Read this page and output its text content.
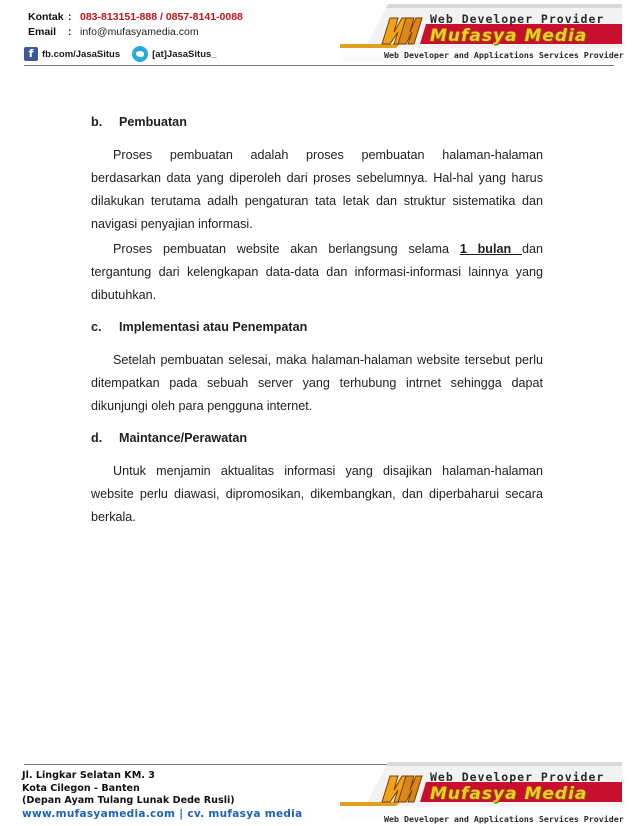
Kontak : 083-813151-888 / 0857-8141-0088
Email	: info@mufasyamedia.com
f fb.com/JasaSitus	[at]JasaSitus_
Web Developer Provider
Mufasya Media
Web Developer and Applications Services Provider
b.	Pembuatan

Proses pembuatan adalah proses pembuatan halaman-halaman berdasarkan data yang diperoleh dari proses sebelumnya. Hal-hal yang harus dilakukan terutama adalh pengaturan tata letak dan struktur sistematika dan navigasi penyajian informasi.

Proses pembuatan website akan berlangsung selama 1 bulan dan tergantung dari kelengkapan data-data dan informasi-informasi lainnya yang dibutuhkan.

c.	Implementasi atau Penempatan

Setelah pembuatan selesai, maka halaman-halaman website tersebut perlu ditempatkan pada sebuah server yang terhubung intrnet sehingga dapat dikunjungi oleh para pengguna internet.

d.	Maintance/Perawatan

Untuk menjamin aktualitas informasi yang disajikan halaman-halaman website perlu diawasi, dipromosikan, dikembangkan, dan diperbaharui secara berkala.

Jl. Lingkar Selatan KM. 3
Kota Cilegon - Banten
(Depan Ayam Tulang Lunak Dede Rusli)
www.mufasyamedia.com | cv. mufasya media
Web Developer Provider
Mufasya Media
Web Developer and Applications Services Provider
